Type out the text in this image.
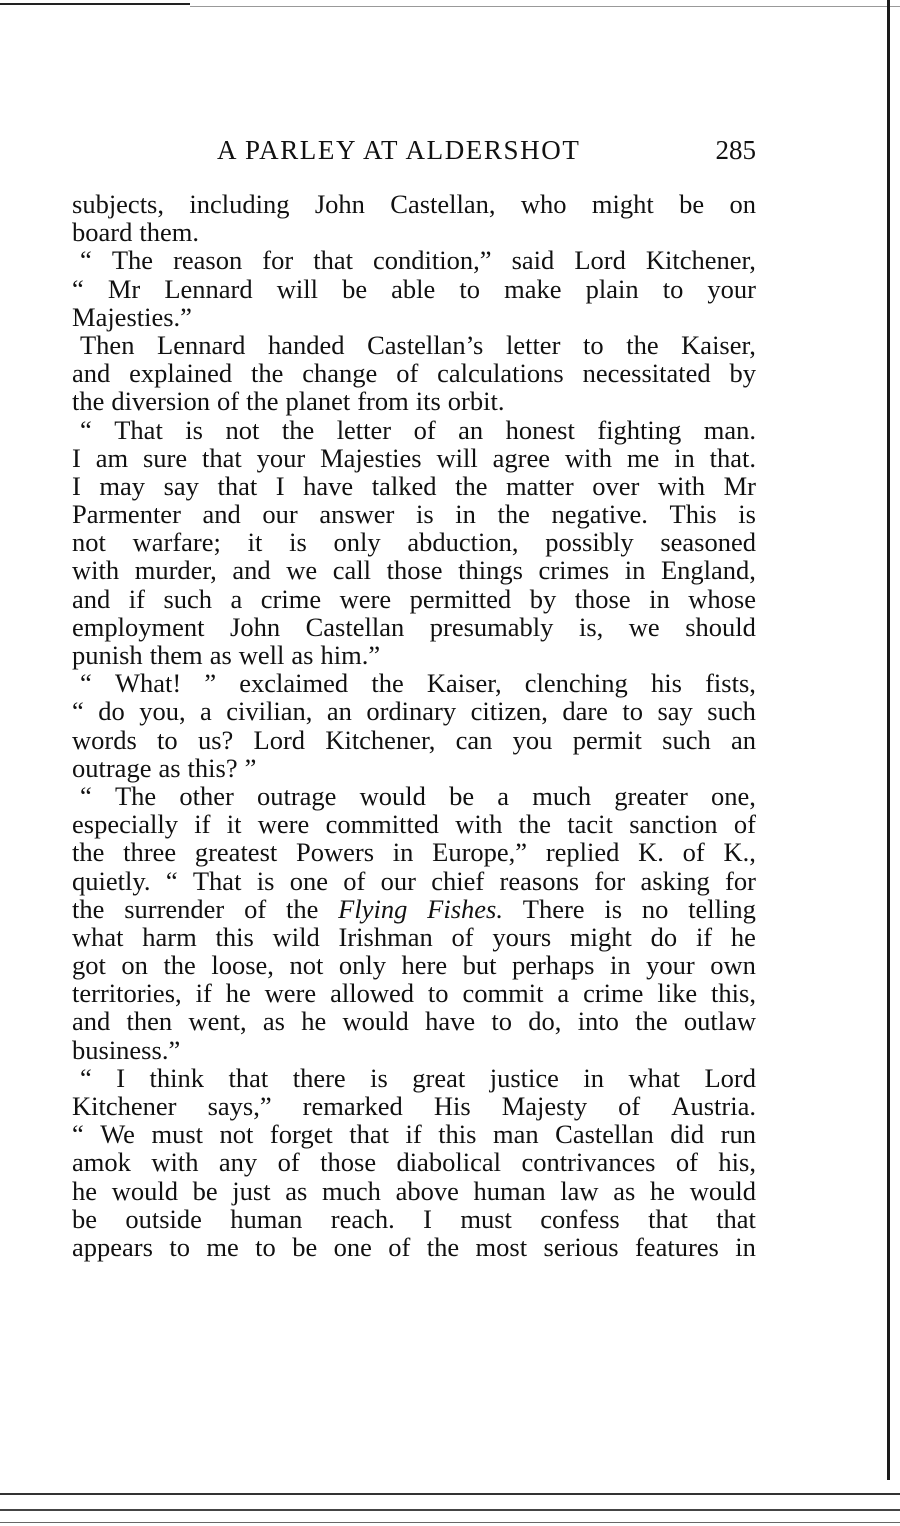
A PARLEY AT ALDERSHOT	285
subjects, including John Castellan, who might be on
board them.
“ The reason for that condition,” said Lord Kitchener,
“ Mr Lennard will be able to make plain to your
Majesties.”
Then Lennard handed Castellan’s letter to the Kaiser,
and explained the change of calculations necessitated by
the diversion of the planet from its orbit.
“ That is not the letter of an honest fighting man.
I am sure that your Majesties will agree with me in that.
I may say that I have talked the matter over with Mr
Parmenter and our answer is in the negative. This is
not warfare; it is only abduction, possibly seasoned
with murder, and we call those things crimes in England,
and if such a crime were permitted by those in whose
employment John Castellan presumably is, we should
punish them as well as him.”
“ What! ” exclaimed the Kaiser, clenching his fists,
“ do you, a civilian, an ordinary citizen, dare to say such
words to us? Lord Kitchener, can you permit such an
outrage as this? ”
“ The other outrage would be a much greater one,
especially if it were committed with the tacit sanction of
the three greatest Powers in Europe,” replied K. of K.,
quietly. “ That is one of our chief reasons for asking for
the surrender of the Flying Fishes. There is no telling
what harm this wild Irishman of yours might do if he
got on the loose, not only here but perhaps in your own
territories, if he were allowed to commit a crime like this,
and then went, as he would have to do, into the outlaw
business.”
“ I think that there is great justice in what Lord
Kitchener says,” remarked His Majesty of Austria.
“ We must not forget that if this man Castellan did run
amok with any of those diabolical contrivances of his,
he would be just as much above human law as he would
be outside human reach. I must confess that that
appears to me to be one of the most serious features in
